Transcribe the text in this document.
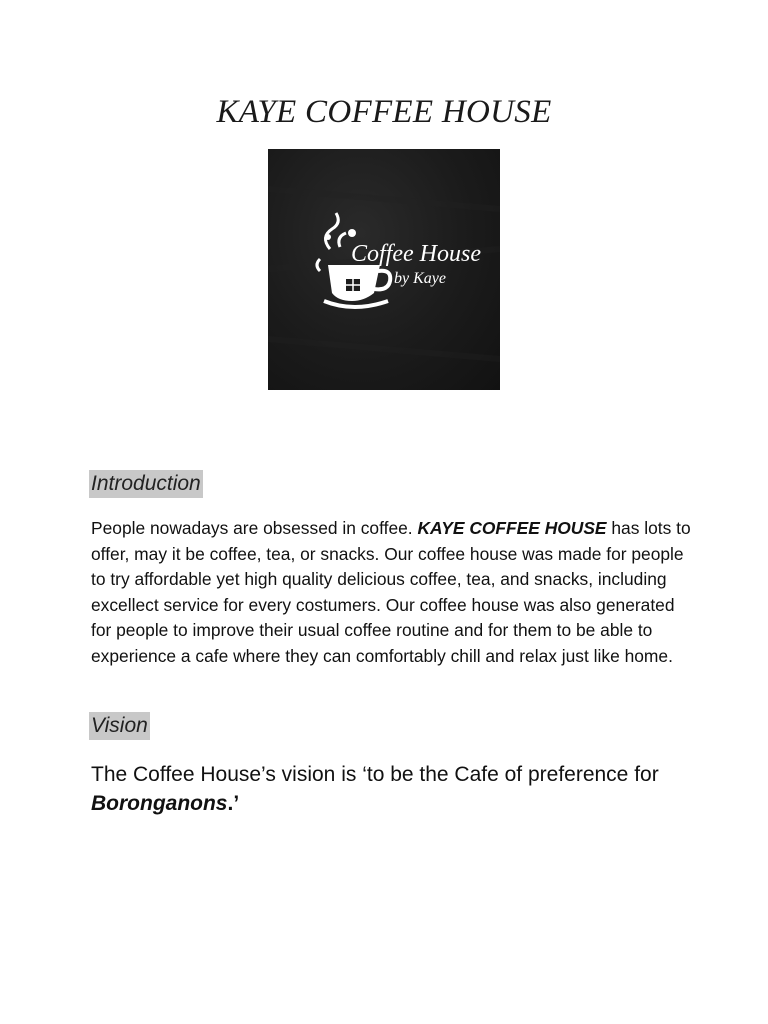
KAYE COFFEE HOUSE
Coffee House
by Kaye
Introduction
People nowadays are obsessed in coffee. KAYE COFFEE HOUSE has lots to offer, may it be coffee, tea, or snacks. Our coffee house was made for people to try affordable yet high quality delicious coffee, tea, and snacks, including excellect service for every costumers. Our coffee house was also generated for people to improve their usual coffee routine and for them to be able to experience a cafe where they can comfortably chill and relax just like home.
Vision
The Coffee House’s vision is ‘to be the Cafe of preference for Boronganons.’
